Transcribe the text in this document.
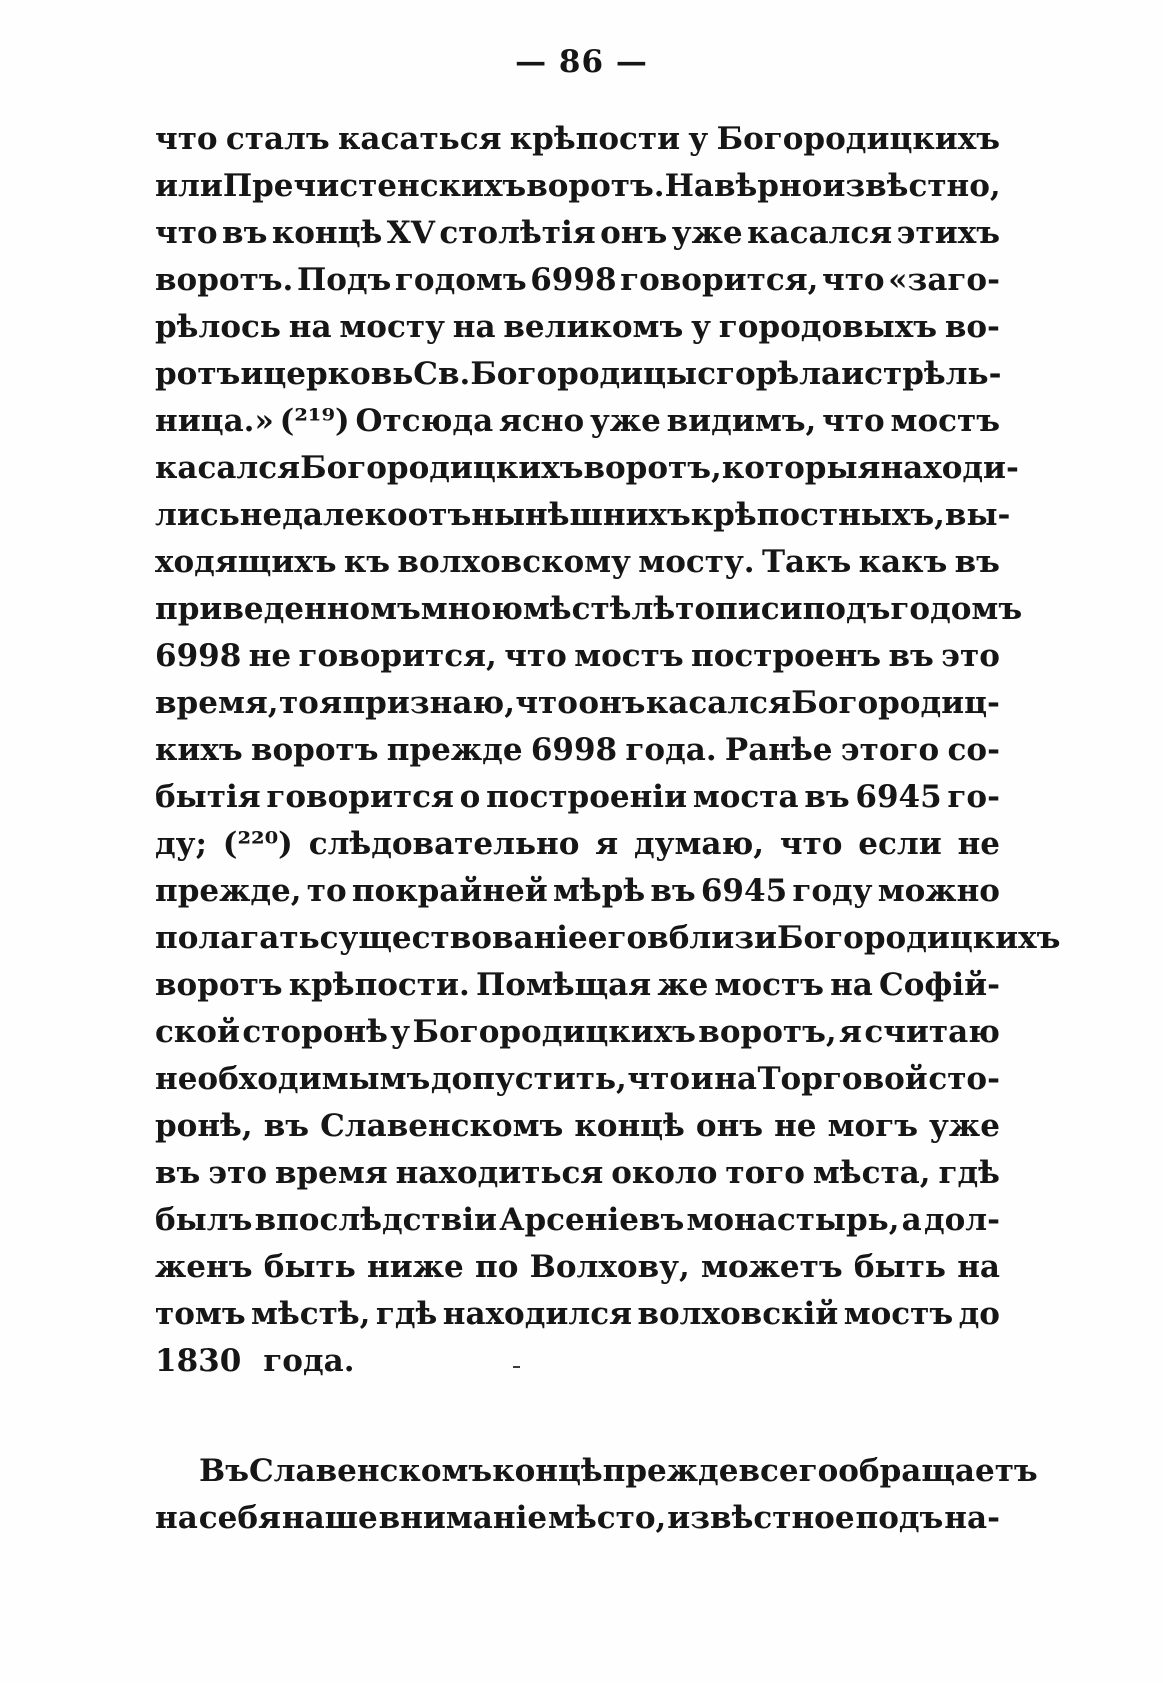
— 86 —
что сталъ касаться крѣпости у Богородицкихъ
или Пречистенскихъ воротъ. Навѣрно извѣстно,
что въ концѣ XV столѣтія онъ уже касался этихъ
воротъ. Подъ годомъ 6998 говорится, что «заго-
рѣлось на мосту на великомъ у городовыхъ во-
ротъ и церковь Св. Богородицы сгорѣла и стрѣль-
ница.» (²¹⁹) Отсюда ясно уже видимъ, что мостъ
касался Богородицкихъ воротъ, которыя находи-
лись не далеко отъ нынѣшнихъ крѣпостныхъ, вы-
ходящихъ къ волховскому мосту. Такъ какъ въ
приведенномъ мною мѣстѣ лѣтописи подъ годомъ
6998 не говорится, что мостъ построенъ въ это
время, то я признаю, что онъ касался Богородиц-
кихъ воротъ прежде 6998 года. Ранѣе этого со-
бытія говорится о построеніи моста въ 6945 го-
ду; (²²⁰) слѣдовательно я думаю, что если не
прежде, то покрайней мѣрѣ въ 6945 году можно
полагать существованіе его вблизи Богородицкихъ
воротъ крѣпости. Помѣщая же мостъ на Софій-
ской сторонѣ у Богородицкихъ воротъ, я считаю
необходимымъ допустить, что и на Торговой сто-
ронѣ, въ Славенскомъ концѣ онъ не могъ уже
въ это время находиться около того мѣста, гдѣ
былъ впослѣдствіи Арсеніевъ монастырь, а дол-
женъ быть ниже по Волхову, можетъ быть на
томъ мѣстѣ, гдѣ находился волховскій мостъ до
1830 года.
Въ Славенскомъ концѣ прежде всего обращаетъ
на себя наше вниманіе мѣсто, извѣстное подъ на-
